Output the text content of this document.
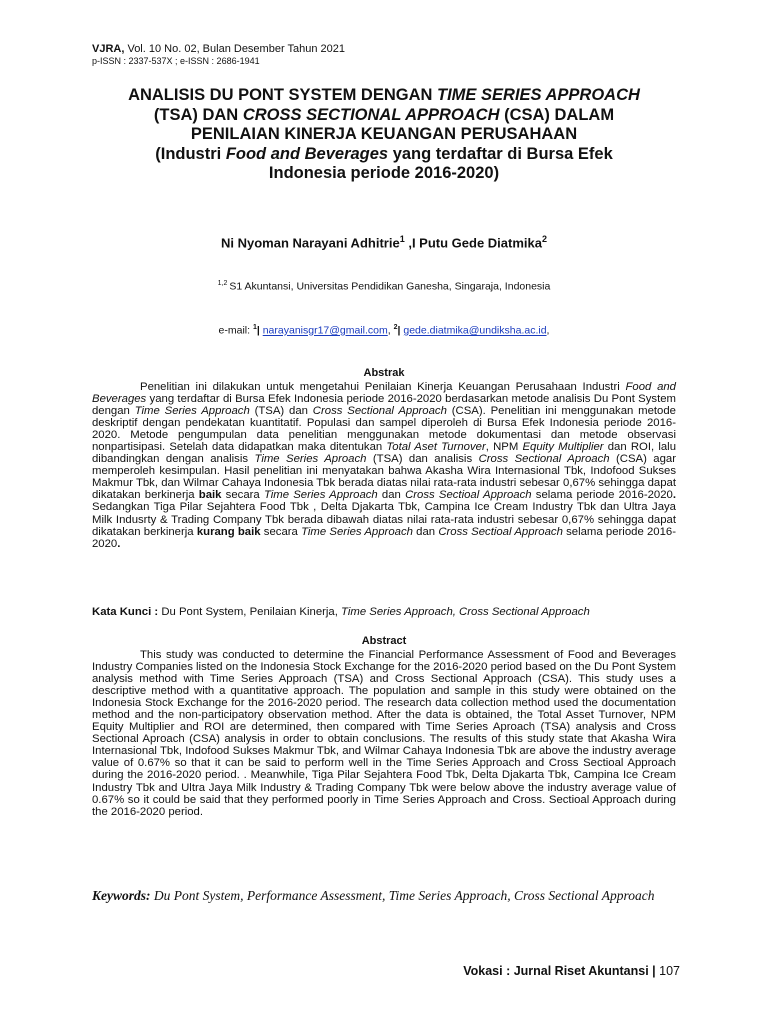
VJRA, Vol. 10 No. 02, Bulan Desember Tahun 2021
p-ISSN : 2337-537X ; e-ISSN : 2686-1941
ANALISIS DU PONT SYSTEM DENGAN TIME SERIES APPROACH
(TSA) DAN CROSS SECTIONAL APPROACH (CSA) DALAM
PENILAIAN KINERJA KEUANGAN PERUSAHAAN
(Industri Food and Beverages yang terdaftar di Bursa Efek
Indonesia periode 2016-2020)
Ni Nyoman Narayani Adhitrie$^1$ ,I Putu Gede Diatmika$^2$
$^{1,2}$ S1 Akuntansi, Universitas Pendidikan Ganesha, Singaraja, Indonesia
e-mail: $^1$| narayanisgr17@gmail.com, $^2$| gede.diatmika@undiksha.ac.id,
Abstrak
Penelitian ini dilakukan untuk mengetahui Penilaian Kinerja Keuangan Perusahaan Industri Food and Beverages yang terdaftar di Bursa Efek Indonesia periode 2016-2020 berdasarkan metode analisis Du Pont System dengan Time Series Approach (TSA) dan Cross Sectional Approach (CSA). Penelitian ini menggunakan metode deskriptif dengan pendekatan kuantitatif. Populasi dan sampel diperoleh di Bursa Efek Indonesia periode 2016-2020. Metode pengumpulan data penelitian menggunakan metode dokumentasi dan metode observasi nonpartisipasi. Setelah data didapatkan maka ditentukan Total Aset Turnover, NPM Equity Multiplier dan ROI, lalu dibandingkan dengan analisis Time Series Aproach (TSA) dan analisis Cross Sectional Aproach (CSA) agar memperoleh kesimpulan. Hasil penelitian ini menyatakan bahwa Akasha Wira Internasional Tbk, Indofood Sukses Makmur Tbk, dan Wilmar Cahaya Indonesia Tbk berada diatas nilai rata-rata industri sebesar 0,67% sehingga dapat dikatakan berkinerja baik secara Time Series Approach dan Cross Sectioal Approach selama periode 2016-2020. Sedangkan Tiga Pilar Sejahtera Food Tbk , Delta Djakarta Tbk, Campina Ice Cream Industry Tbk dan Ultra Jaya Milk Indusrty & Trading Company Tbk berada dibawah diatas nilai rata-rata industri sebesar 0,67% sehingga dapat dikatakan berkinerja kurang baik secara Time Series Approach dan Cross Sectioal Approach selama periode 2016-2020.
Kata Kunci : Du Pont System, Penilaian Kinerja, Time Series Approach, Cross Sectional Approach
Abstract
This study was conducted to determine the Financial Performance Assessment of Food and Beverages Industry Companies listed on the Indonesia Stock Exchange for the 2016-2020 period based on the Du Pont System analysis method with Time Series Approach (TSA) and Cross Sectional Approach (CSA). This study uses a descriptive method with a quantitative approach. The population and sample in this study were obtained on the Indonesia Stock Exchange for the 2016-2020 period. The research data collection method used the documentation method and the non-participatory observation method. After the data is obtained, the Total Asset Turnover, NPM Equity Multiplier and ROI are determined, then compared with Time Series Aproach (TSA) analysis and Cross Sectional Aproach (CSA) analysis in order to obtain conclusions. The results of this study state that Akasha Wira Internasional Tbk, Indofood Sukses Makmur Tbk, and Wilmar Cahaya Indonesia Tbk are above the industry average value of 0.67% so that it can be said to perform well in the Time Series Approach and Cross Sectioal Approach during the 2016-2020 period. . Meanwhile, Tiga Pilar Sejahtera Food Tbk, Delta Djakarta Tbk, Campina Ice Cream Industry Tbk and Ultra Jaya Milk Industry & Trading Company Tbk were below above the industry average value of 0.67% so it could be said that they performed poorly in Time Series Approach and Cross. Sectioal Approach during the 2016-2020 period.
Keywords: Du Pont System, Performance Assessment, Time Series Approach, Cross Sectional Approach
Vokasi : Jurnal Riset Akuntansi | 107
